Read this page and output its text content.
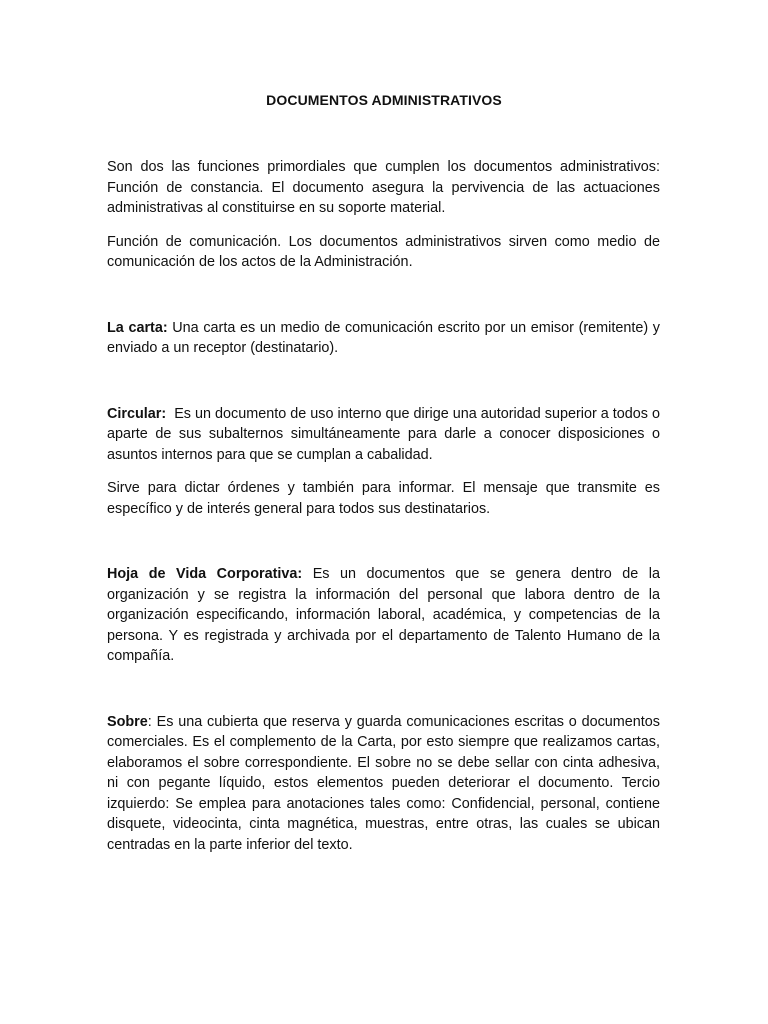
DOCUMENTOS ADMINISTRATIVOS

Son dos las funciones primordiales que cumplen los documentos administrativos: Función de constancia. El documento asegura la pervivencia de las actuaciones administrativas al constituirse en su soporte material.

Función de comunicación. Los documentos administrativos sirven como medio de comunicación de los actos de la Administración.

La carta: Una carta es un medio de comunicación escrito por un emisor (remitente) y enviado a un receptor (destinatario).

Circular:  Es un documento de uso interno que dirige una autoridad superior a todos o aparte de sus subalternos simultáneamente para darle a conocer disposiciones o asuntos internos para que se cumplan a cabalidad.

Sirve para dictar órdenes y también para informar. El mensaje que transmite es específico y de interés general para todos sus destinatarios.

Hoja de Vida Corporativa: Es un documentos que se genera dentro de la organización y se registra la información del personal que labora dentro de la organización especificando, información laboral, académica, y competencias de la persona. Y es registrada y archivada por el departamento de Talento Humano de la compañía.

Sobre: Es una cubierta que reserva y guarda comunicaciones escritas o documentos comerciales. Es el complemento de la Carta, por esto siempre que realizamos cartas, elaboramos el sobre correspondiente. El sobre no se debe sellar con cinta adhesiva, ni con pegante líquido, estos elementos pueden deteriorar el documento. Tercio izquierdo: Se emplea para anotaciones tales como: Confidencial, personal, contiene disquete, videocinta, cinta magnética, muestras, entre otras, las cuales se ubican centradas en la parte inferior del texto.
